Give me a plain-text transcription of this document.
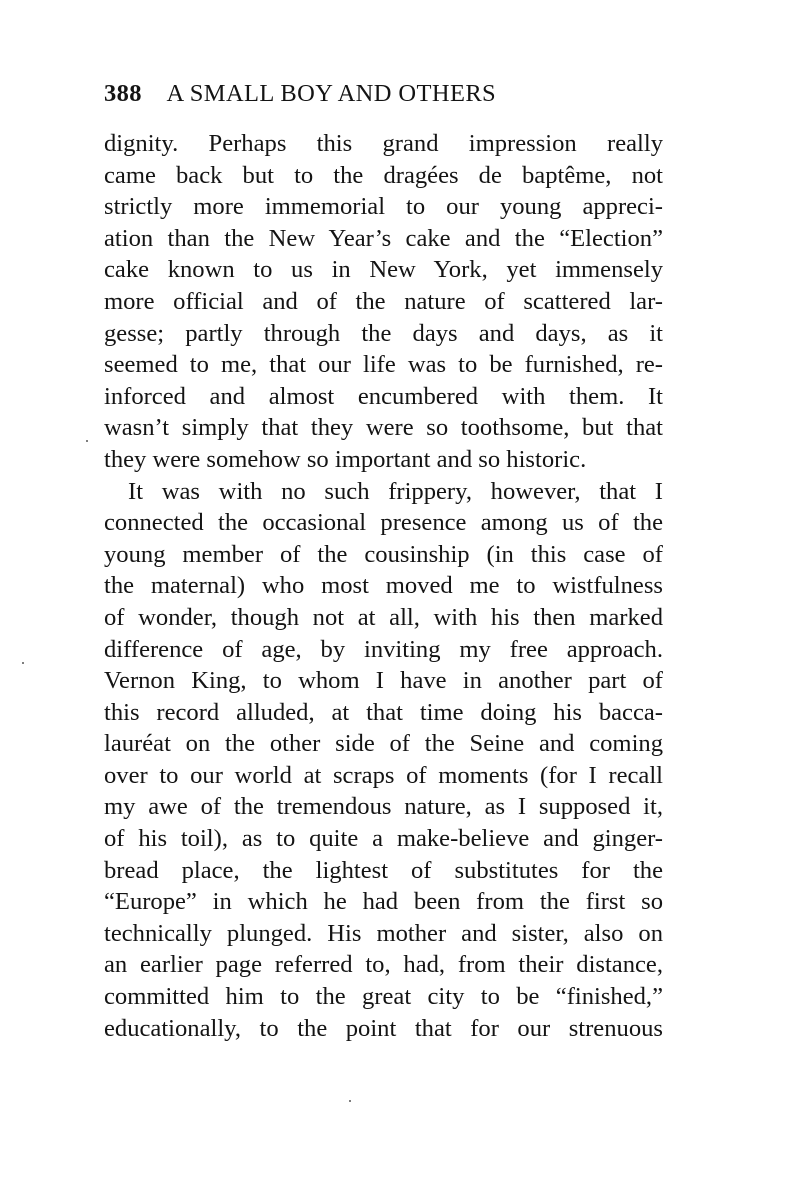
388 A SMALL BOY AND OTHERS
dignity. Perhaps this grand impression really
came back but to the dragées de baptême, not
strictly more immemorial to our young appreci-
ation than the New Year’s cake and the “Election”
cake known to us in New York, yet immensely
more official and of the nature of scattered lar-
gesse; partly through the days and days, as it
seemed to me, that our life was to be furnished, re-
inforced and almost encumbered with them. It
wasn’t simply that they were so toothsome, but that
they were somehow so important and so historic.
It was with no such frippery, however, that I
connected the occasional presence among us of the
young member of the cousinship (in this case of
the maternal) who most moved me to wistfulness
of wonder, though not at all, with his then marked
difference of age, by inviting my free approach.
Vernon King, to whom I have in another part of
this record alluded, at that time doing his bacca-
lauréat on the other side of the Seine and coming
over to our world at scraps of moments (for I recall
my awe of the tremendous nature, as I supposed it,
of his toil), as to quite a make-believe and ginger-
bread place, the lightest of substitutes for the
“Europe” in which he had been from the first so
technically plunged. His mother and sister, also on
an earlier page referred to, had, from their distance,
committed him to the great city to be “finished,”
educationally, to the point that for our strenuous
